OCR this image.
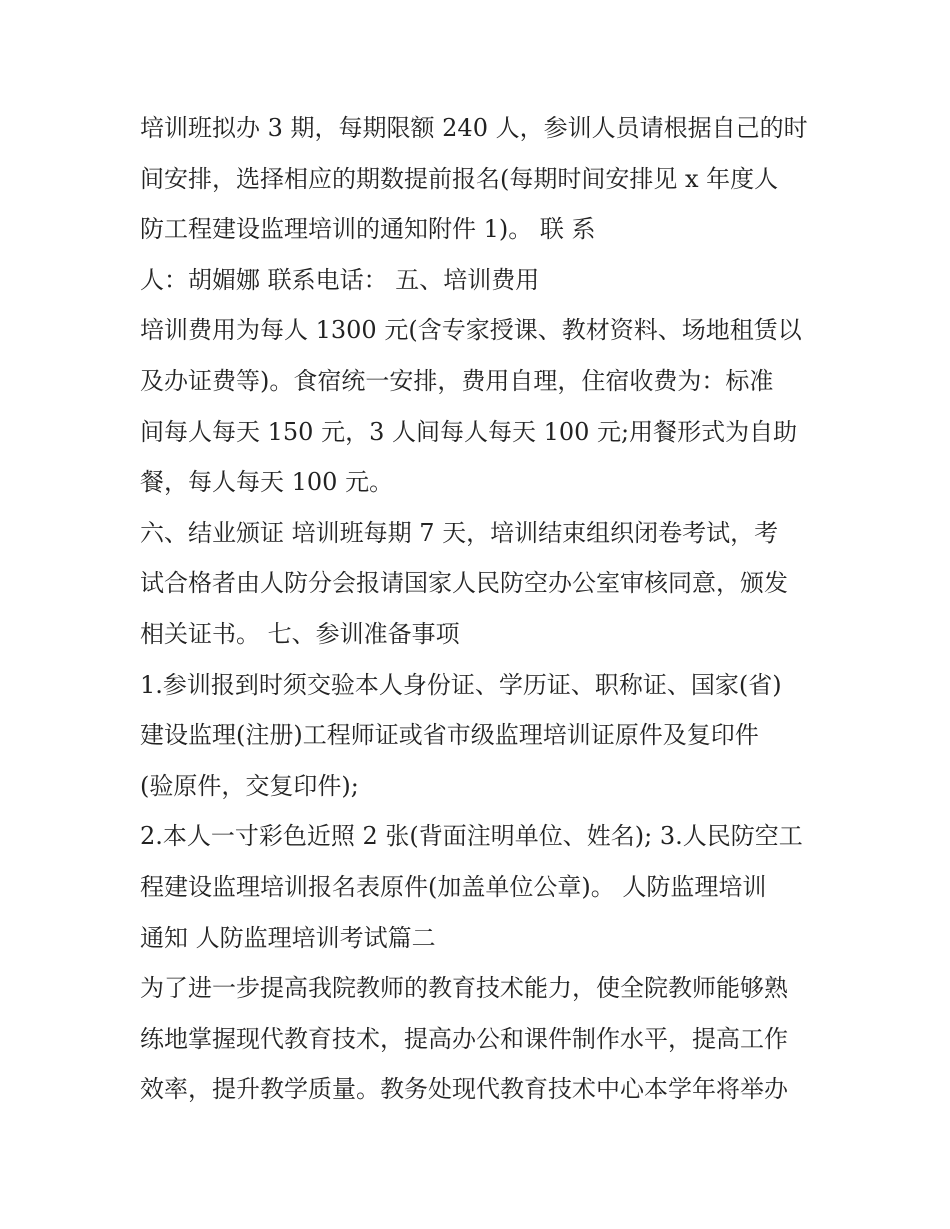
培训班拟办 3 期，每期限额 240 人，参训人员请根据自己的时

间安排，选择相应的期数提前报名(每期时间安排见 x 年度人

防工程建设监理培训的通知附件 1)。 联 系

人：胡媚娜 联系电话： 五、培训费用

培训费用为每人 1300 元(含专家授课、教材资料、场地租赁以

及办证费等)。食宿统一安排，费用自理，住宿收费为：标准

间每人每天 150 元，3 人间每人每天 100 元;用餐形式为自助

餐，每人每天 100 元。

六、结业颁证 培训班每期 7 天，培训结束组织闭卷考试，考

试合格者由人防分会报请国家人民防空办公室审核同意，颁发

相关证书。 七、参训准备事项

1.参训报到时须交验本人身份证、学历证、职称证、国家(省)

建设监理(注册)工程师证或省市级监理培训证原件及复印件

(验原件，交复印件);

2.本人一寸彩色近照 2 张(背面注明单位、姓名); 3.人民防空工

程建设监理培训报名表原件(加盖单位公章)。 人防监理培训

通知 人防监理培训考试篇二

为了进一步提高我院教师的教育技术能力，使全院教师能够熟

练地掌握现代教育技术，提高办公和课件制作水平，提高工作

效率，提升教学质量。教务处现代教育技术中心本学年将举办
